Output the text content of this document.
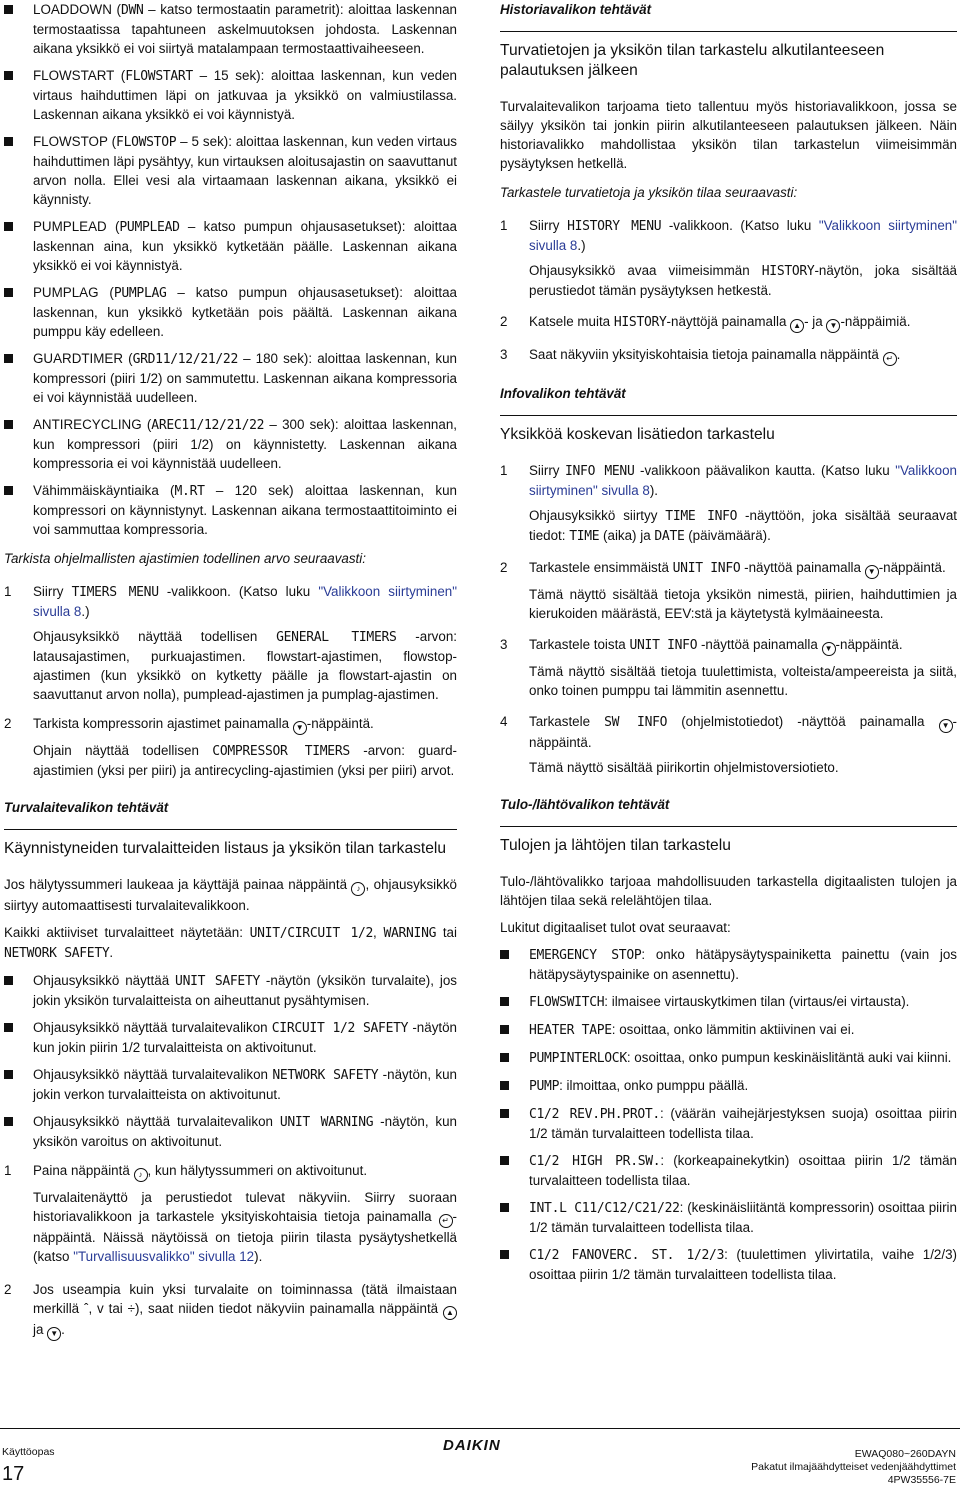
LOADDOWN (DWN – katso termostaatin parametrit): aloittaa laskennan termostaatissa tapahtuneen askelmuutoksen johdosta. Laskennan aikana yksikkö ei voi siirtyä matalampaan termostaattivaiheeseen.
FLOWSTART (FLOWSTART – 15 sek): aloittaa laskennan, kun veden virtaus haihduttimen läpi on jatkuvaa ja yksikkö on valmiustilassa. Laskennan aikana yksikkö ei voi käynnistyä.
FLOWSTOP (FLOWSTOP – 5 sek): aloittaa laskennan, kun veden virtaus haihduttimen läpi pysähtyy, kun virtauksen aloitusajastin on saavuttanut arvon nolla. Ellei vesi ala virtaamaan laskennan aikana, yksikkö ei käynnisty.
PUMPLEAD (PUMPLEAD – katso pumpun ohjausasetukset): aloittaa laskennan aina, kun yksikkö kytketään päälle. Laskennan aikana yksikkö ei voi käynnistyä.
PUMPLAG (PUMPLAG – katso pumpun ohjausasetukset): aloittaa laskennan, kun yksikkö kytketään pois päältä. Laskennan aikana pumppu käy edelleen.
GUARDTIMER (GRD11/12/21/22 – 180 sek): aloittaa laskennan, kun kompressori (piiri 1/2) on sammutettu. Laskennan aikana kompressoria ei voi käynnistää uudelleen.
ANTIRECYCLING (AREC11/12/21/22 – 300 sek): aloittaa laskennan, kun kompressori (piiri 1/2) on käynnistetty. Laskennan aikana kompressoria ei voi käynnistää uudelleen.
Vähimmäiskäyntiaika (M.RT – 120 sek) aloittaa laskennan, kun kompressori on käynnistynyt. Laskennan aikana termostaattitoiminto ei voi sammuttaa kompressoria.
Tarkista ohjelmallisten ajastimien todellinen arvo seuraavasti:
1 Siirry TIMERS MENU -valikkoon. (Katso luku "Valikkoon siirtyminen" sivulla 8.)
Ohjausyksikkö näyttää todellisen GENERAL TIMERS -arvon: latausajastimen, purkuajastimen. flowstart-ajastimen, flowstop-ajastimen (kun yksikkö on kytketty päälle ja flowstart-ajastin on saavuttanut arvon nolla), pumplead-ajastimen ja pumplag-ajastimen.
2 Tarkista kompressorin ajastimet painamalla ▼ -näppäintä.
Ohjain näyttää todellisen COMPRESSOR TIMERS -arvon: guard-ajastimien (yksi per piiri) ja antirecycling-ajastimien (yksi per piiri) arvot.
Turvalaitevalikon tehtävät
Käynnistyneiden turvalaitteiden listaus ja yksikön tilan tarkastelu
Jos hälytyssummeri laukeaa ja käyttäjä painaa näppäintä ♪ , ohjausyksikkö siirtyy automaattisesti turvalaitevalikkoon.
Kaikki aktiiviset turvalaitteet näytetään: UNIT/CIRCUIT 1/2, WARNING tai NETWORK SAFETY.
Ohjausyksikkö näyttää UNIT SAFETY -näytön (yksikön turvalaite), jos jokin yksikön turvalaitteista on aiheuttanut pysähtymisen.
Ohjausyksikkö näyttää turvalaitevalikon CIRCUIT 1/2 SAFETY -näytön kun jokin piirin 1/2 turvalaitteista on aktivoitunut.
Ohjausyksikkö näyttää turvalaitevalikon NETWORK SAFETY -näytön, kun jokin verkon turvalaitteista on aktivoitunut.
Ohjausyksikkö näyttää turvalaitevalikon UNIT WARNING -näytön, kun yksikön varoitus on aktivoitunut.
1 Paina näppäintä ♪ , kun hälytyssummeri on aktivoitunut.
Turvalaitenäyttö ja perustiedot tulevat näkyviin. Siirry suoraan historiavalikkoon ja tarkastele yksityiskohtaisia tietoja painamalla ↵ -näppäintä. Näissä näytöissä on tietoja piirin tilasta pysäytyshetkellä (katso "Turvallisuusvalikko" sivulla 12).
2 Jos useampia kuin yksi turvalaite on toiminnassa (tätä ilmaistaan merkillä ˆ, v tai ÷), saat niiden tiedot näkyviin painamalla näppäintä ▲ ja ▼ .
Historiavalikon tehtävät
Turvatietojen ja yksikön tilan tarkastelu alkutilanteeseen palautuksen jälkeen
Turvalaitevalikon tarjoama tieto tallentuu myös historiavalikkoon, jossa se säilyy yksikön tai jonkin piirin alkutilanteeseen palautuksen jälkeen. Näin historiavalikko mahdollistaa yksikön tilan tarkastelun viimeisimmän pysäytyksen hetkellä.
Tarkastele turvatietoja ja yksikön tilaa seuraavasti:
1 Siirry HISTORY MENU -valikkoon. (Katso luku "Valikkoon siirtyminen" sivulla 8.)
Ohjausyksikkö avaa viimeisimmän HISTORY-näytön, joka sisältää perustiedot tämän pysäytyksen hetkestä.
2 Katsele muita HISTORY-näyttöjä painamalla ▲ - ja ▼ -näppäimiä.
3 Saat näkyviin yksityiskohtaisia tietoja painamalla näppäintä ↵ .
Infovalikon tehtävät
Yksikköä koskevan lisätiedon tarkastelu
1 Siirry INFO MENU -valikkoon päävalikon kautta. (Katso luku "Valikkoon siirtyminen" sivulla 8).
Ohjausyksikkö siirtyy TIME INFO -näyttöön, joka sisältää seuraavat tiedot: TIME (aika) ja DATE (päivämäärä).
2 Tarkastele ensimmäistä UNIT INFO -näyttöä painamalla ▼ -näppäintä.
Tämä näyttö sisältää tietoja yksikön nimestä, piirien, haihduttimien ja kierukoiden määrästä, EEV:stä ja käytetystä kylmäaineesta.
3 Tarkastele toista UNIT INFO -näyttöä painamalla ▼ -näppäintä.
Tämä näyttö sisältää tietoja tuulettimista, volteista/ampeereista ja siitä, onko toinen pumppu tai lämmitin asennettu.
4 Tarkastele SW INFO (ohjelmistotiedot) -näyttöä painamalla ▼ -näppäintä.
Tämä näyttö sisältää piirikortin ohjelmistoversiotieto.
Tulo-/lähtövalikon tehtävät
Tulojen ja lähtöjen tilan tarkastelu
Tulo-/lähtövalikko tarjoaa mahdollisuuden tarkastella digitaalisten tulojen ja lähtöjen tilaa sekä relelähtöjen tilaa.
Lukitut digitaaliset tulot ovat seuraavat:
EMERGENCY STOP: onko hätäpysäytyspainiketta painettu (vain jos hätäpysäytyspainike on asennettu).
FLOWSWITCH: ilmaisee virtauskytkimen tilan (virtaus/ei virtausta).
HEATER TAPE: osoittaa, onko lämmitin aktiivinen vai ei.
PUMPINTERLOCK: osoittaa, onko pumpun keskinäislitäntä auki vai kiinni.
PUMP: ilmoittaa, onko pumppu päällä.
C1/2 REV.PH.PROT.: (väärän vaihejärjestyksen suoja) osoittaa piirin 1/2 tämän turvalaitteen todellista tilaa.
C1/2 HIGH PR.SW.: (korkeapainekytkin) osoittaa piirin 1/2 tämän turvalaitteen todellista tilaa.
INT.L C11/C12/C21/22: (keskinäisliitäntä kompressorin) osoittaa piirin 1/2 tämän turvalaitteen todellista tilaa.
C1/2 FANOVERC. ST. 1/2/3: (tuulettimen ylivirtatila, vaihe 1/2/3) osoittaa piirin 1/2 tämän turvalaitteen todellista tilaa.
Käyttöopas
17
DAIKIN	EWAQ080~260DAYN
Pakatut ilmajäähdytteiset vedenjäähdyttimet
4PW35556-7E
